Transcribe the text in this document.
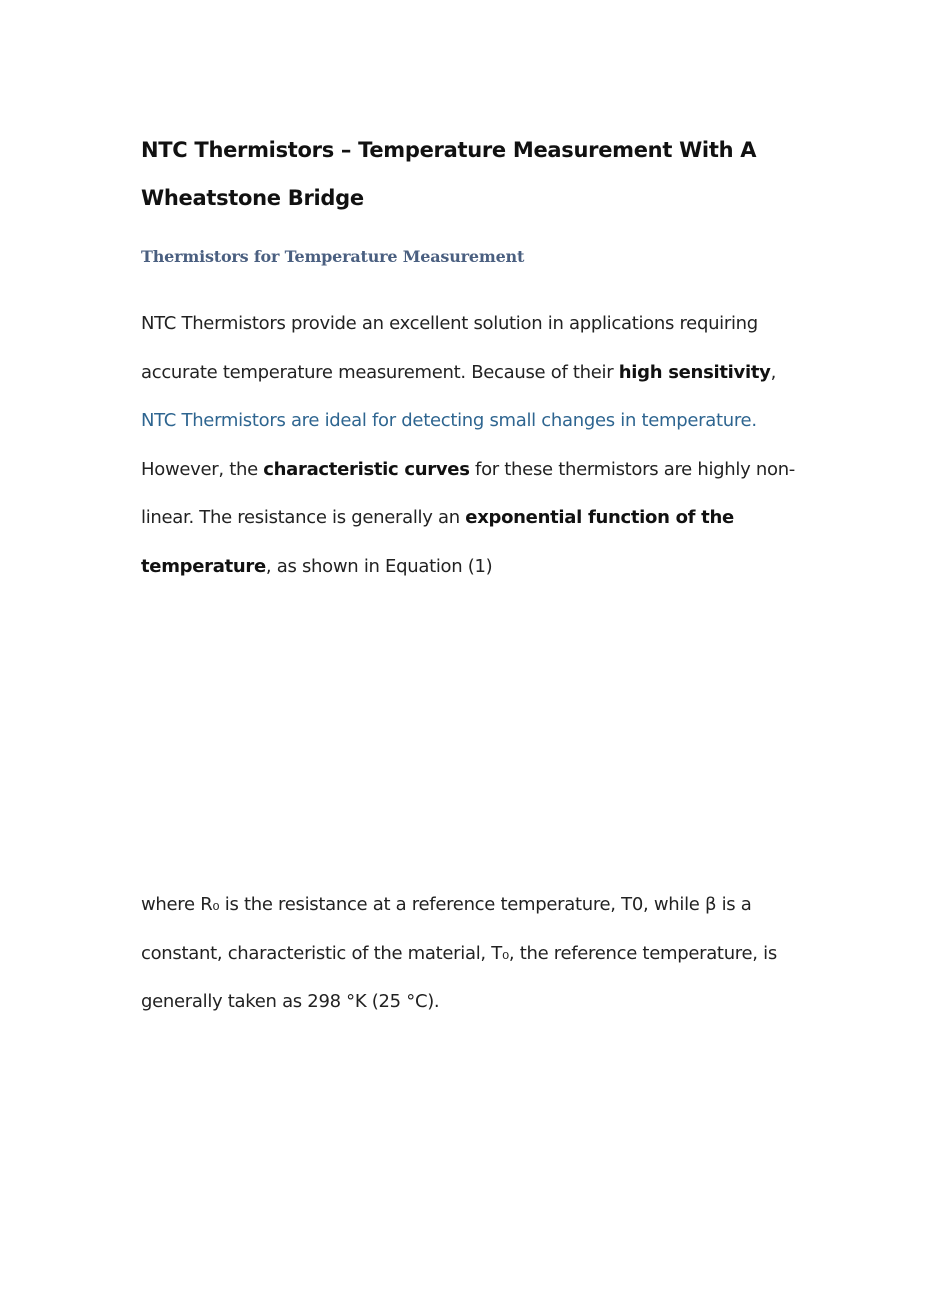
NTC Thermistors – Temperature Measurement With A Wheatstone Bridge
Thermistors for Temperature Measurement

NTC Thermistors provide an excellent solution in applications requiring accurate temperature measurement. Because of their high sensitivity, NTC Thermistors are ideal for detecting small changes in temperature. However, the characteristic curves for these thermistors are highly non-linear. The resistance is generally an exponential function of the temperature, as shown in Equation (1)

where R₀ is the resistance at a reference temperature, T0, while β is a constant, characteristic of the material, T₀, the reference temperature, is generally taken as 298 °K (25 °C).
